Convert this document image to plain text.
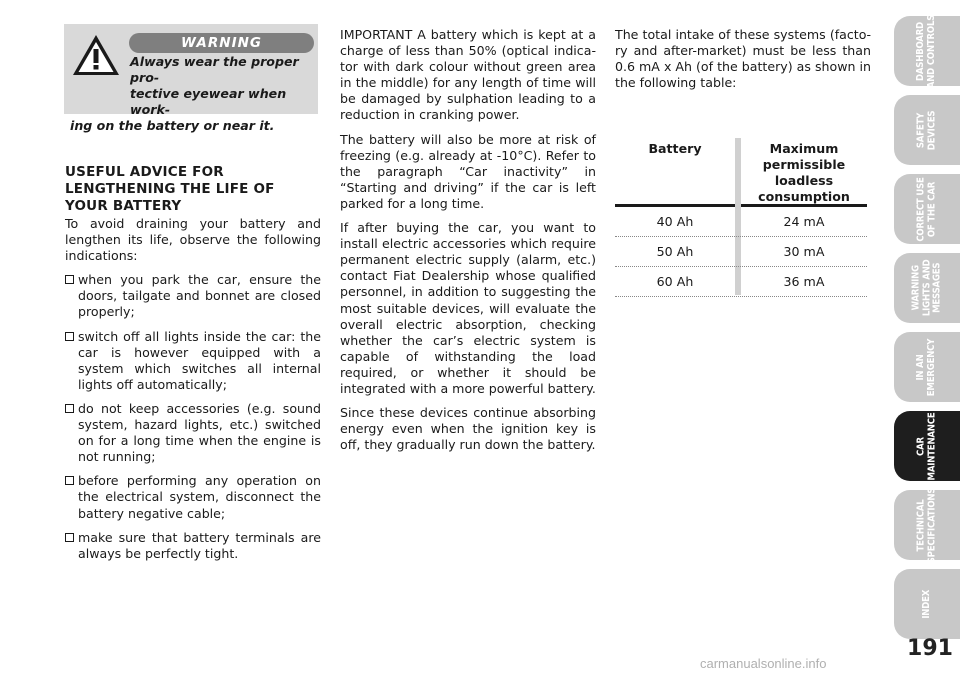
WARNING
Always wear the proper pro-
tective eyewear when work-
ing on the battery or near it.
USEFUL ADVICE FOR LENGTHENING THE LIFE OF YOUR BATTERY

To avoid draining your battery and lengthen its life, observe the following indications:

when you park the car, ensure the doors, tailgate and bonnet are closed properly;

switch off all lights inside the car: the car is however equipped with a system which switches all internal lights off automatically;

do not keep accessories (e.g. sound system, hazard lights, etc.) switched on for a long time when the engine is not running;

before performing any operation on the electrical system, disconnect the battery negative cable;

make sure that battery terminals are always be perfectly tight.

IMPORTANT A battery which is kept at a charge of less than 50% (optical indicator with dark colour without green area in the middle) for any length of time will be damaged by sulphation leading to a reduction in cranking power.

The battery will also be more at risk of freezing (e.g. already at -10°C). Refer to the paragraph “Car inactivity” in “Starting and driving” if the car is left parked for a long time.

If after buying the car, you want to install electric accessories which require permanent electric supply (alarm, etc.) contact Fiat Dealership whose qualified personnel, in addition to suggesting the most suitable devices, will evaluate the overall electric absorption, checking whether the car’s electric system is capable of withstanding the load required, or whether it should be integrated with a more powerful battery.

Since these devices continue absorbing energy even when the ignition key is off, they gradually run down the battery.

The total intake of these systems (factory and after-market) must be less than 0.6 mA x Ah (of the battery) as shown in the following table:

Battery	Maximum permissible loadless consumption
40 Ah	24 mA
50 Ah	30 mA
60 Ah	36 mA
DASHBOARD
AND CONTROLS
SAFETY
DEVICES
CORRECT USE
OF THE CAR
WARNING
LIGHTS AND
MESSAGES
IN AN
EMERGENCY
CAR
MAINTENANCE
TECHNICAL
SPECIFICATIONS
INDEX
191
carmanualsonline.info
